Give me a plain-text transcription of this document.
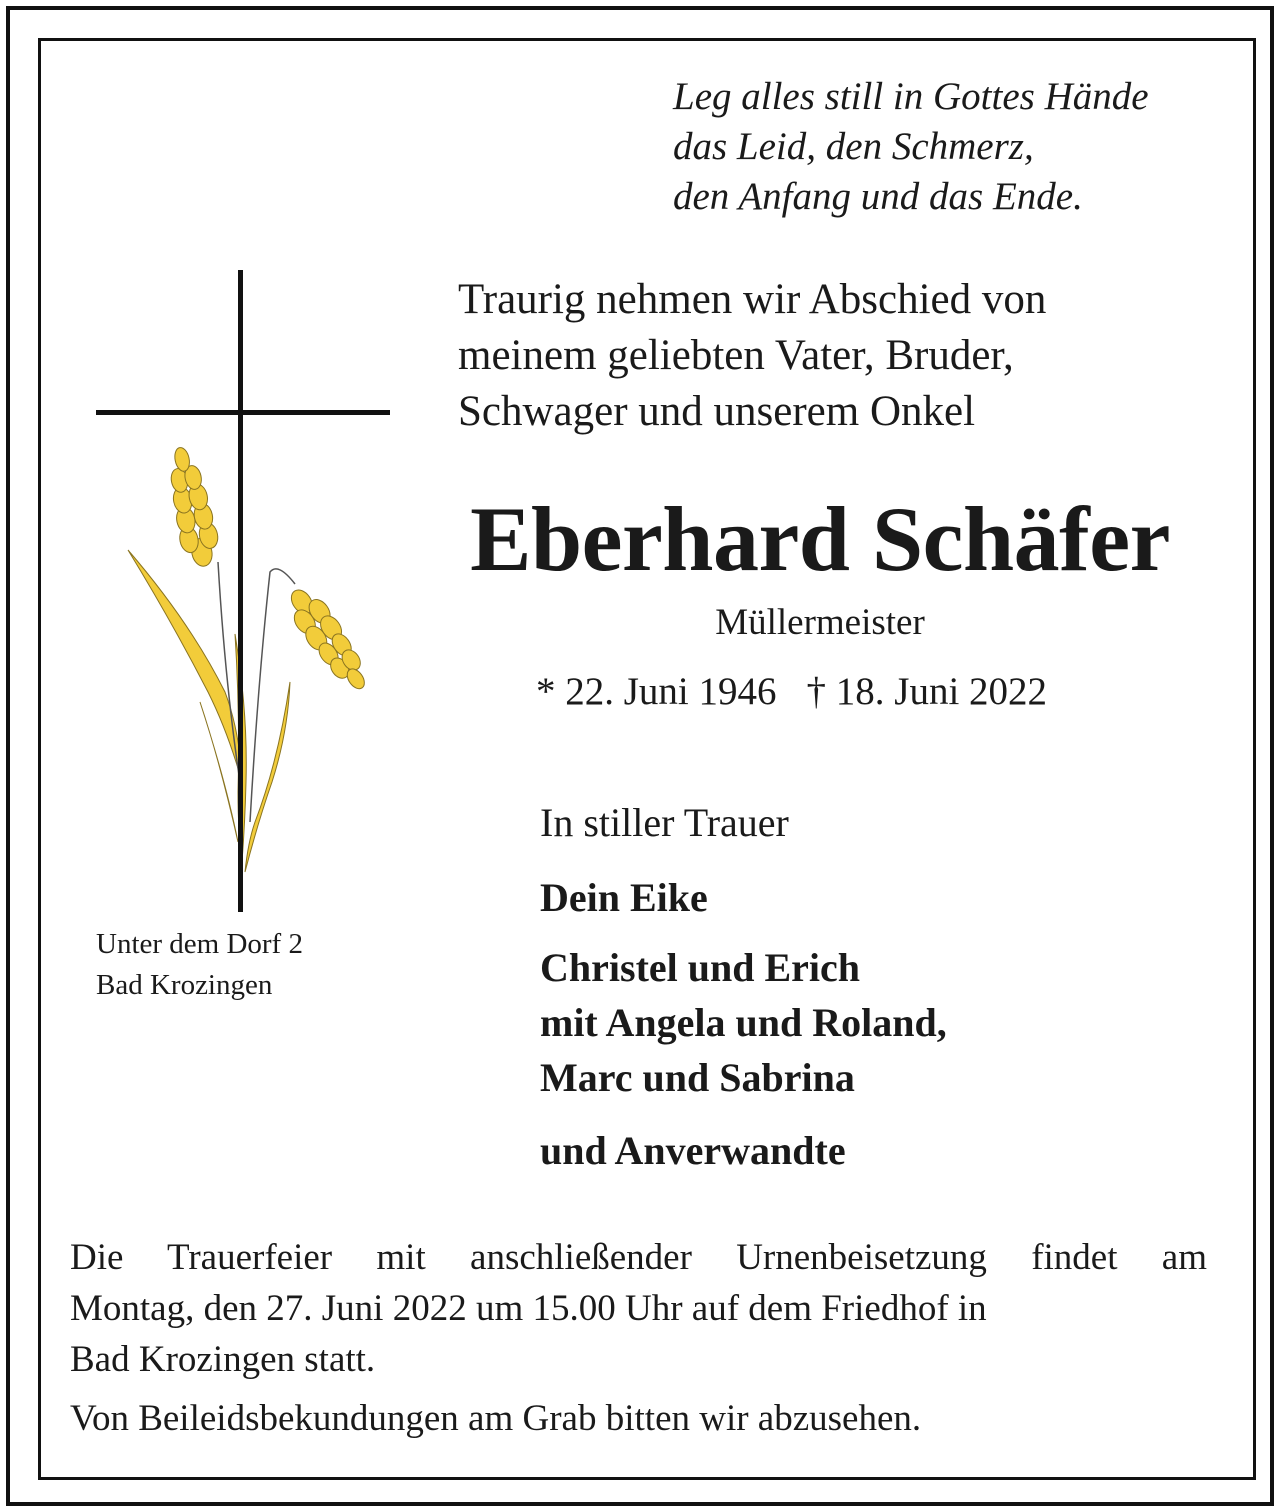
Leg alles still in Gottes Hände
das Leid, den Schmerz,
den Anfang und das Ende.

Traurig nehmen wir Abschied von
meinem geliebten Vater, Bruder,
Schwager und unserem Onkel

Eberhard Schäfer

Müllermeister

* 22. Juni 1946 † 18. Juni 2022

In stiller Trauer

Dein Eike

Christel und Erich
mit Angela und Roland,
Marc und Sabrina

und Anverwandte

Unter dem Dorf 2
Bad Krozingen

Die Trauerfeier mit anschließender Urnenbeisetzung findet am
Montag, den 27. Juni 2022 um 15.00 Uhr auf dem Friedhof in
Bad Krozingen statt.

Von Beileidsbekundungen am Grab bitten wir abzusehen.
